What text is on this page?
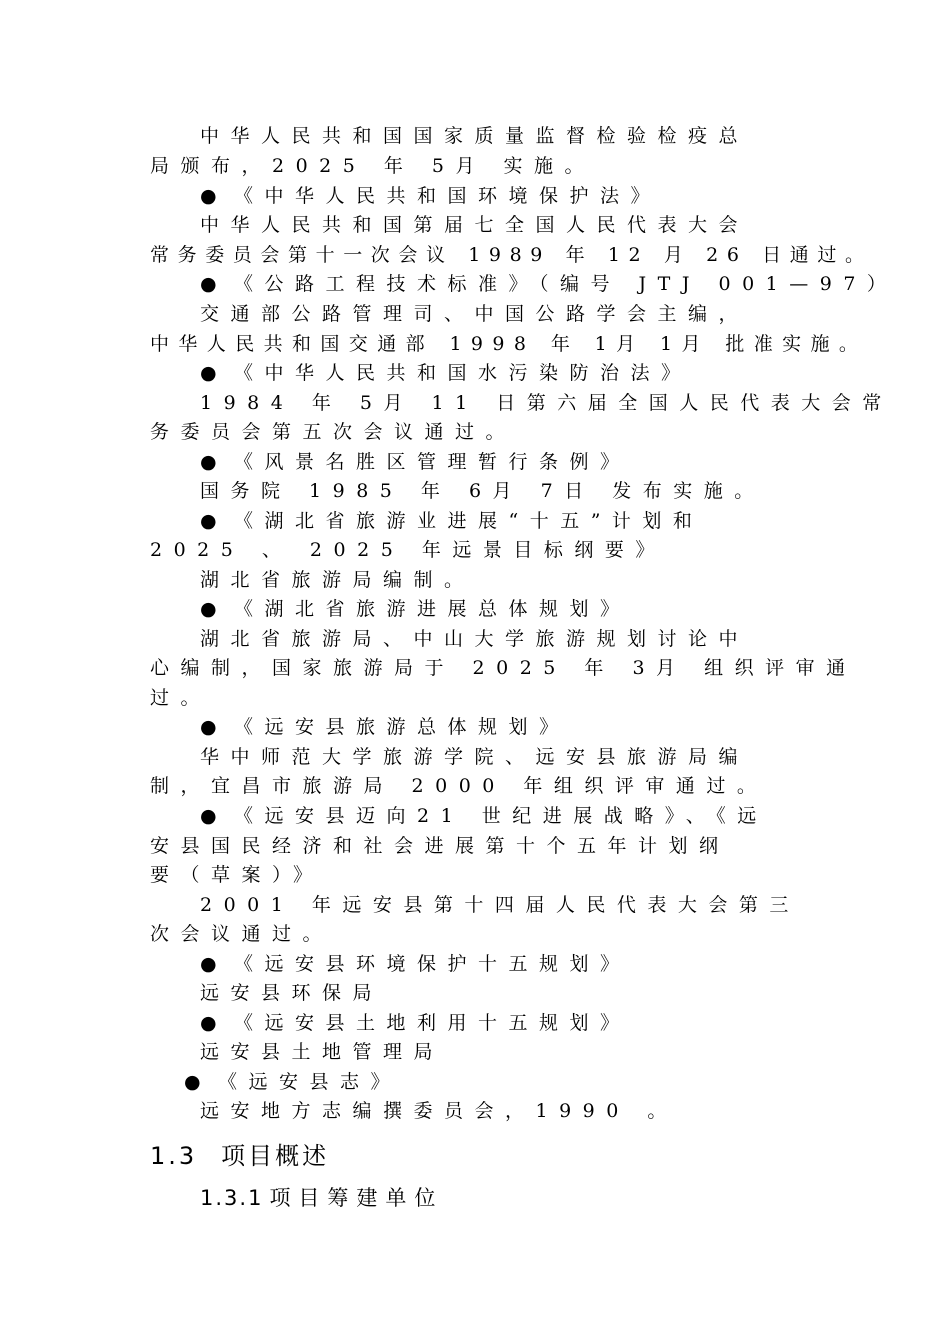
中华人民共和国国家质量监督检验检疫总
局颁布，2025 年 5月 实施。
● 《中华人民共和国环境保护法》
中华人民共和国第届七全国人民代表大会
常务委员会第十一次会议 1989 年 12 月 26 日通过。
● 《公路工程技术标准》（编号 JTJ 001—97）
交通部公路管理司、中国公路学会主编，
中华人民共和国交通部 1998 年 1月 1月 批准实施。
● 《中华人民共和国水污染防治法》
1984 年 5月 11 日第六届全国人民代表大会常
务委员会第五次会议通过。
● 《风景名胜区管理暂行条例》
国务院 1985 年 6月 7日 发布实施。
● 《湖北省旅游业进展“十五”计划和
2025 、 2025 年远景目标纲要》
湖北省旅游局编制。
● 《湖北省旅游进展总体规划》
湖北省旅游局、中山大学旅游规划讨论中
心编制，国家旅游局于 2025 年 3月 组织评审通
过。
● 《远安县旅游总体规划》
华中师范大学旅游学院、远安县旅游局编
制，宜昌市旅游局 2000 年组织评审通过。
● 《远安县迈向21 世纪进展战略》、《远
安县国民经济和社会进展第十个五年计划纲
要（草案）》
2001 年远安县第十四届人民代表大会第三
次会议通过。
● 《远安县环境保护十五规划》
远安县环保局
● 《远安县土地利用十五规划》
远安县土地管理局
● 《远安县志》
远安地方志编撰委员会，1990 。
1.3 项目概述
1.3.1 项目筹建单位
